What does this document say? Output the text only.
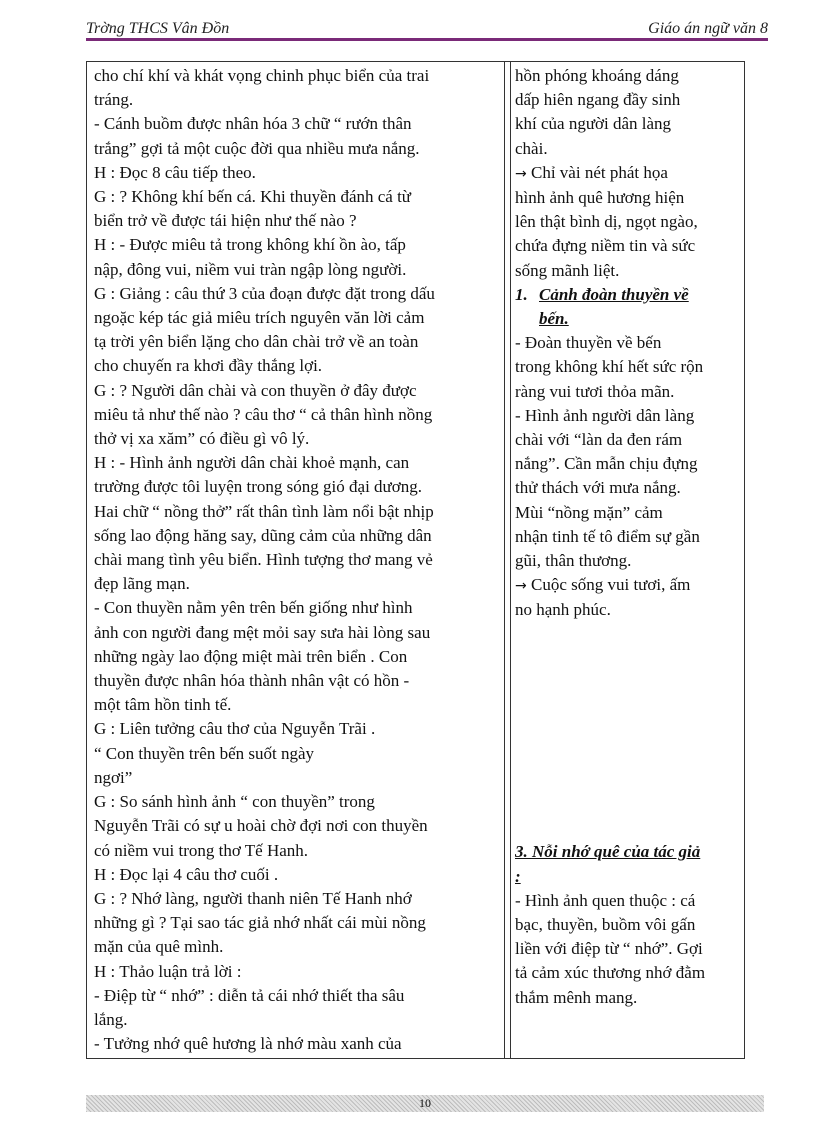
Trờng THCS Vân Đồn	Giáo án ngữ văn 8
cho chí khí và khát vọng chinh phục biển của trai
tráng.
- Cánh buồm được nhân hóa 3 chữ “ rướn thân
trắng” gợi tả một cuộc đời qua nhiều mưa nắng.
H : Đọc 8 câu tiếp theo.
G : ? Không khí bến cá. Khi thuyền đánh cá từ
biển trở về được tái hiện như thế nào ?
H : - Được miêu tả trong không khí ồn ào, tấp
nập, đông vui, niềm vui tràn ngập lòng người.
G : Giảng : câu thứ 3 của đoạn được đặt trong dấu
ngoặc kép tác giả miêu trích nguyên văn lời cảm
tạ trời yên biển lặng cho dân chài trở về an toàn
cho chuyến ra khơi đầy thắng lợi.
G : ? Người dân chài và con thuyền ở đây được
miêu tả như thế nào ? câu thơ “ cả thân hình nồng
thở vị xa xăm” có điều gì vô lý.
H : - Hình ảnh người dân chài khoẻ mạnh, can
trường được tôi luyện trong sóng gió đại dương.
Hai chữ “ nồng thở” rất thân tình làm nổi bật nhịp
sống lao động hăng say, dũng cảm của những dân
chài mang tình yêu biển. Hình tượng thơ mang vẻ
đẹp lãng mạn.
- Con thuyền nằm yên trên bến giống như hình
ảnh con người đang mệt mỏi say sưa hài lòng sau
những ngày lao động miệt mài trên biển . Con
thuyền được nhân hóa thành nhân vật có hồn -
một tâm hồn tinh tế.
G : Liên tưởng câu thơ của Nguyễn Trãi .
“ Con thuyền trên bến suốt ngày
ngơi”
G : So sánh hình ảnh “ con thuyền” trong
Nguyễn Trãi có sự u hoài chờ đợi nơi con thuyền
có niềm vui trong thơ Tế Hanh.
H : Đọc lại 4 câu thơ cuối .
G : ? Nhớ làng, người thanh niên Tế Hanh nhớ
những gì ? Tại sao tác giả nhớ nhất cái mùi nồng
mặn của quê mình.
H : Thảo luận trả lời :
- Điệp từ “ nhớ” : diễn tả cái nhớ thiết tha sâu
lắng.
- Tưởng nhớ quê hương là nhớ màu xanh của
hồn phóng khoáng dáng
dấp hiên ngang đầy sinh
khí của người dân làng
chài.
→ Chỉ vài nét phát họa
hình ảnh quê hương hiện
lên thật bình dị, ngọt ngào,
chứa đựng niềm tin và sức
sống mãnh liệt.
1. Cảnh đoàn thuyền về
bến.
- Đoàn thuyền về bến
trong không khí hết sức rộn
ràng vui tươi thỏa mãn.
- Hình ảnh người dân làng
chài với “làn da đen rám
nắng”. Cần mẫn chịu đựng
thử thách với mưa nắng.
Mùi “nồng mặn” cảm
nhận tinh tế tô điểm sự gần
gũi, thân thương.
→ Cuộc sống vui tươi, ấm
no hạnh phúc.
3. Nỗi nhớ quê của tác giả
:
- Hình ảnh quen thuộc : cá
bạc, thuyền, buồm vôi gấn
liền với điệp từ “ nhớ”. Gợi
tả cảm xúc thương nhớ đằm
thắm mênh mang.
10
